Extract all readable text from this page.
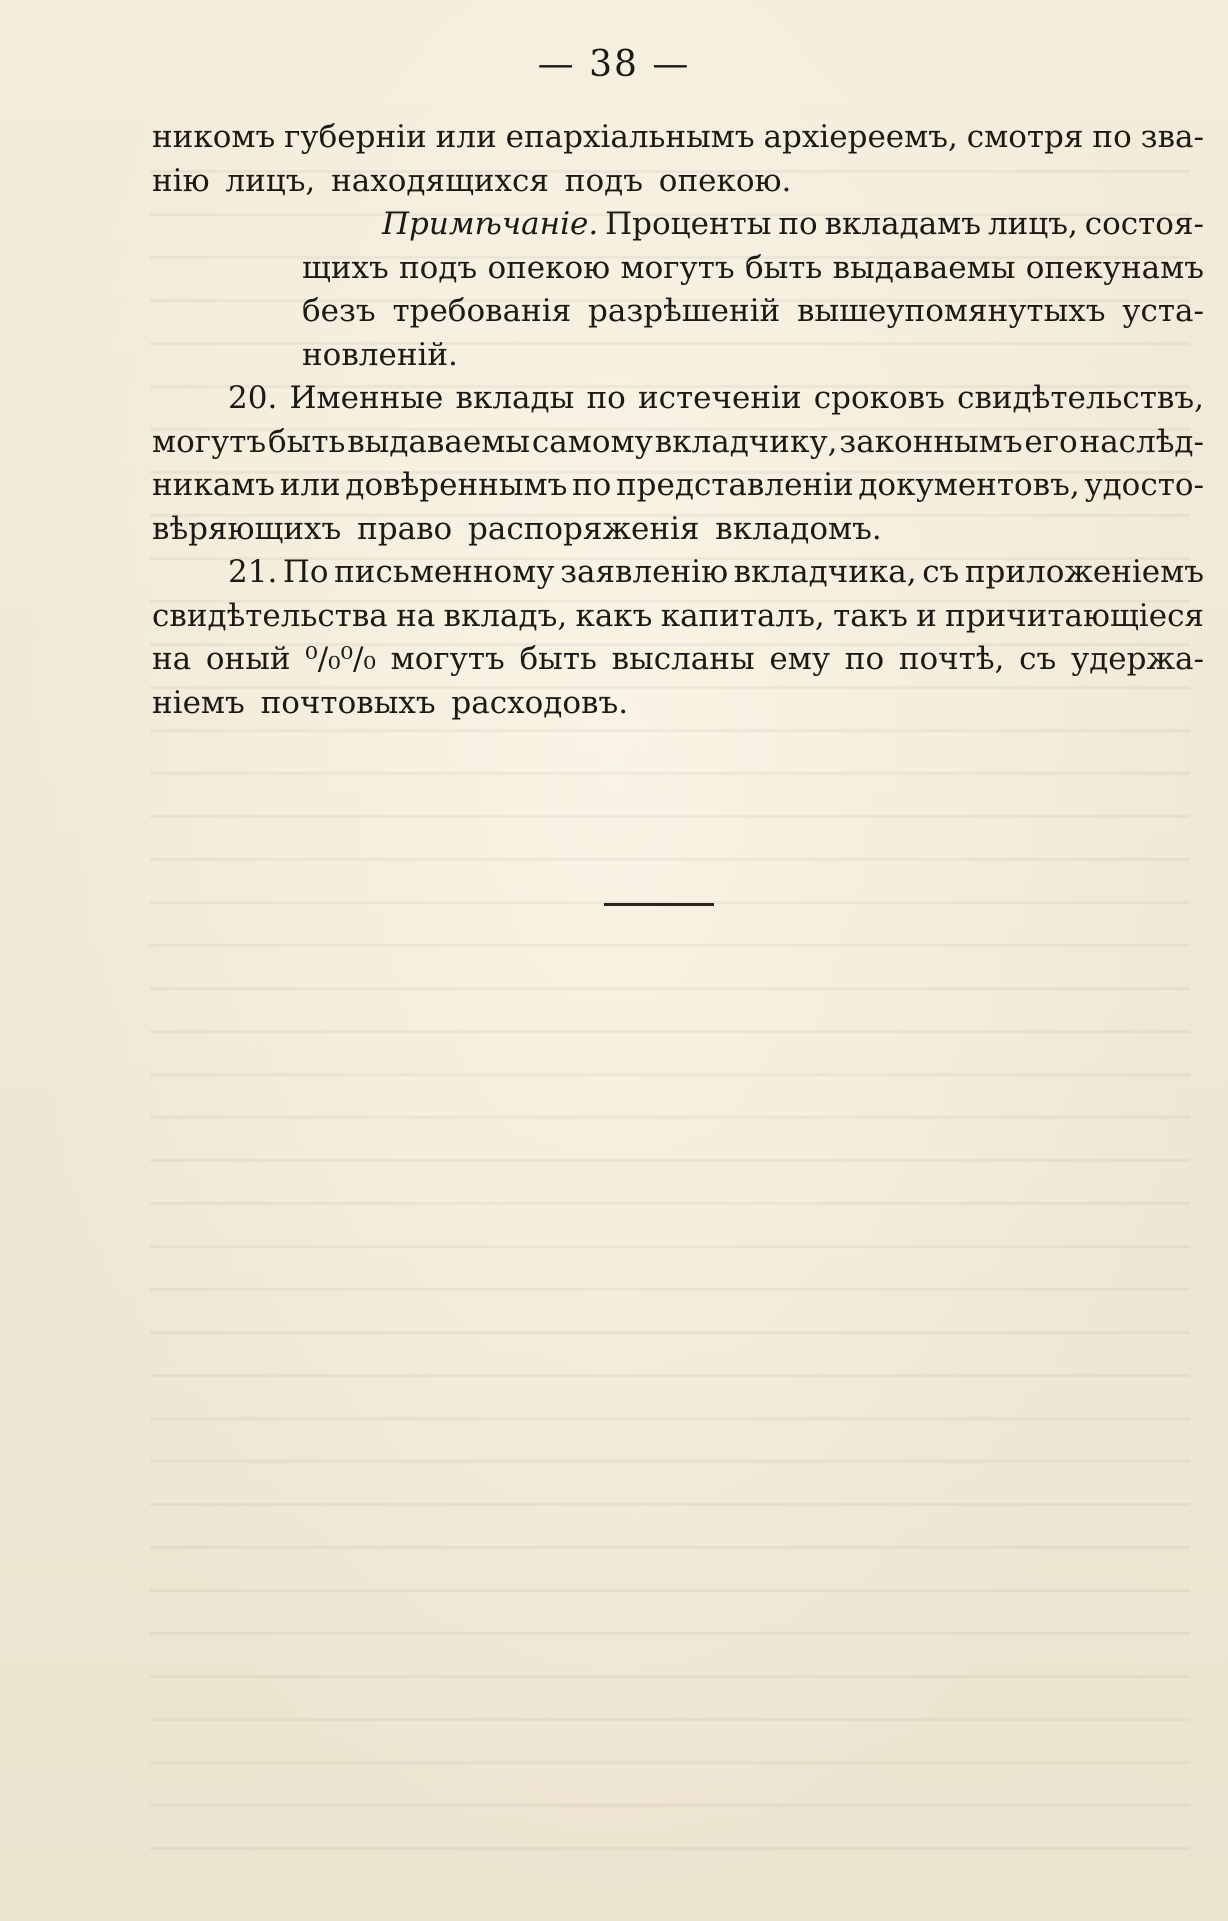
— 38 —
никомъ губерніи или епархіальнымъ архіереемъ, смотря по зва-
нію лицъ, находящихся подъ опекою.
Примѣчаніе. Проценты по вкладамъ лицъ, состоя-
щихъ подъ опекою могутъ быть выдаваемы опекунамъ
безъ требованія разрѣшеній вышеупомянутыхъ уста-
новленій.
20. Именные вклады по истеченіи сроковъ свидѣтельствъ,
могутъ быть выдаваемы самому вкладчику, законнымъ его наслѣд-
никамъ или довѣреннымъ по представленіи документовъ, удосто-
вѣряющихъ право распоряженія вкладомъ.
21. По письменному заявленію вкладчика, съ приложеніемъ
свидѣтельства на вкладъ, какъ капиталъ, такъ и причитающіеся
на оный ⁰/₀⁰/₀ могутъ быть высланы ему по почтѣ, съ удержа-
ніемъ почтовыхъ расходовъ.
